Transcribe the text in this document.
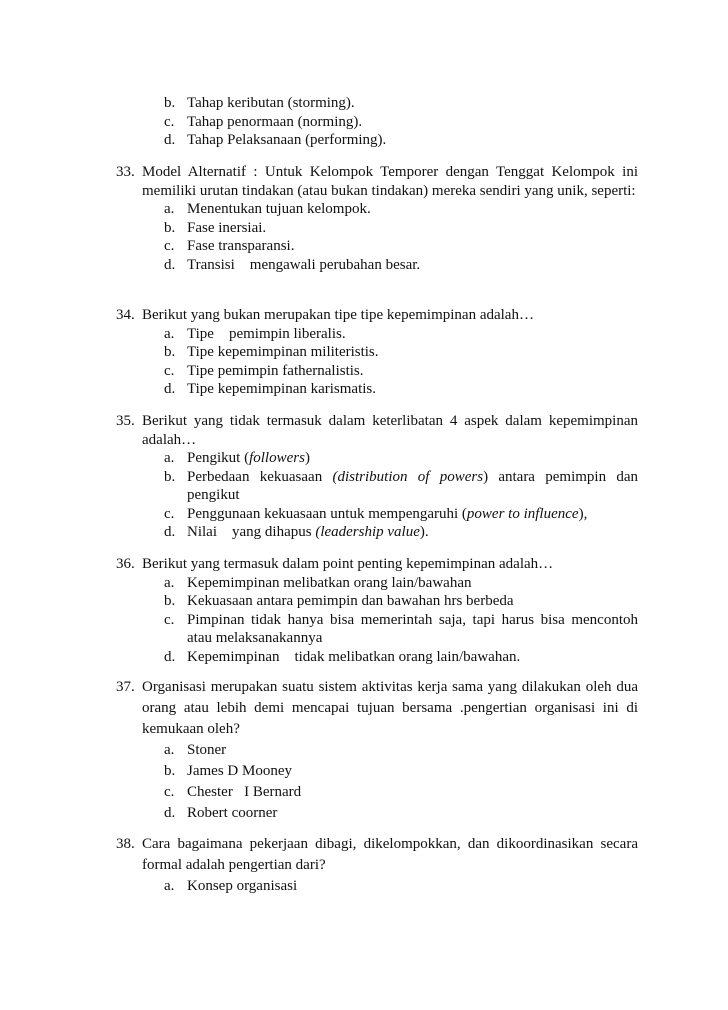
b. Tahap keributan (storming).
c. Tahap penormaan (norming).
d. Tahap Pelaksanaan (performing).
33. Model Alternatif : Untuk Kelompok Temporer dengan Tenggat Kelompok ini memiliki urutan tindakan (atau bukan tindakan) mereka sendiri yang unik, seperti:
a. Menentukan tujuan kelompok.
b. Fase inersiai.
c. Fase transparansi.
d. Transisi    mengawali perubahan besar.
34. Berikut yang bukan merupakan tipe tipe kepemimpinan adalah…
a. Tipe    pemimpin liberalis.
b. Tipe kepemimpinan militeristis.
c. Tipe pemimpin fathernalistis.
d. Tipe kepemimpinan karismatis.
35. Berikut yang tidak termasuk dalam keterlibatan 4 aspek dalam kepemimpinan adalah…
a. Pengikut (followers)
b. Perbedaan kekuasaan (distribution of powers) antara pemimpin dan pengikut
c. Penggunaan kekuasaan untuk mempengaruhi (power to influence),
d. Nilai    yang dihapus (leadership value).
36. Berikut yang termasuk dalam point penting kepemimpinan adalah…
a. Kepemimpinan melibatkan orang lain/bawahan
b. Kekuasaan antara pemimpin dan bawahan hrs berbeda
c. Pimpinan tidak hanya bisa memerintah saja, tapi harus bisa mencontoh atau melaksanakannya
d. Kepemimpinan    tidak melibatkan orang lain/bawahan.
37. Organisasi merupakan suatu sistem aktivitas kerja sama yang dilakukan oleh dua orang atau lebih demi mencapai tujuan bersama .pengertian organisasi ini di kemukaan oleh?
a. Stoner
b. James D Mooney
c. Chester   I Bernard
d. Robert coorner
38. Cara bagaimana pekerjaan dibagi, dikelompokkan, dan dikoordinasikan secara formal adalah pengertian dari?
a. Konsep organisasi
